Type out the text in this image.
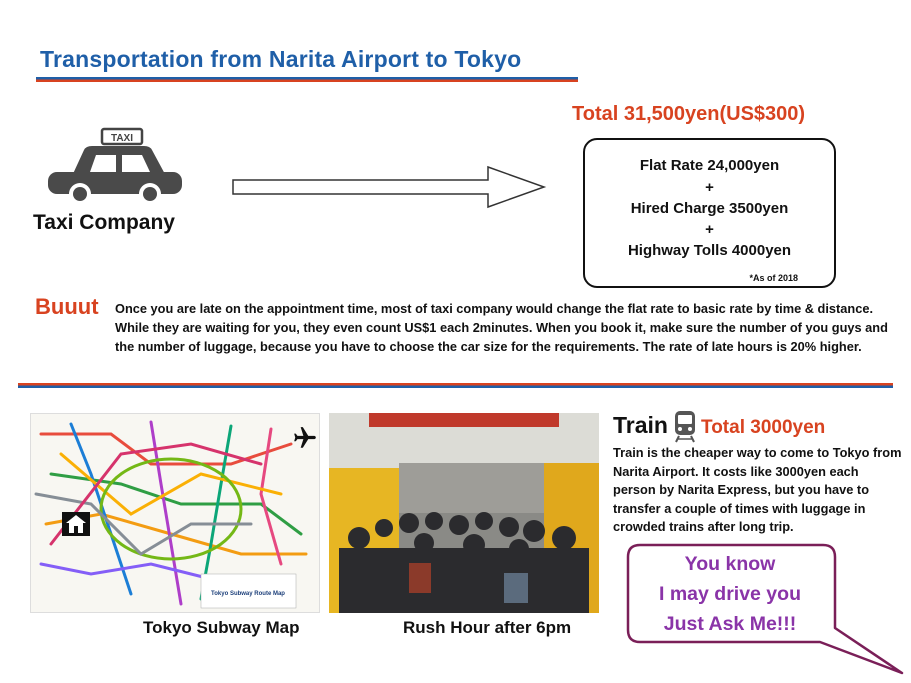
Transportation from Narita Airport to Tokyo
TAXI
Taxi Company
Total 31,500yen(US$300)
Flat Rate 24,000yen
+
Hired Charge 3500yen
+
Highway Tolls 4000yen
*As of 2018
Buuut Once you are late on the appointment time, most of taxi company would change the flat rate to basic rate by time & distance. While they are waiting for you, they even count US$1 each 2minutes. When you book it, make sure the number of you guys and the number of luggage, because you have to choose the car size for the requirements. The rate of late hours is 20% higher.
Tokyo Subway Route Map
Tokyo Subway Map	Rush Hour after 6pm
Train Total 3000yen
Train is the cheaper way to come to Tokyo from Narita Airport. It costs like 3000yen each person by Narita Express, but you have to transfer a couple of times with luggage in crowded trains after long trip.
You know
I may drive you
Just Ask Me!!!
